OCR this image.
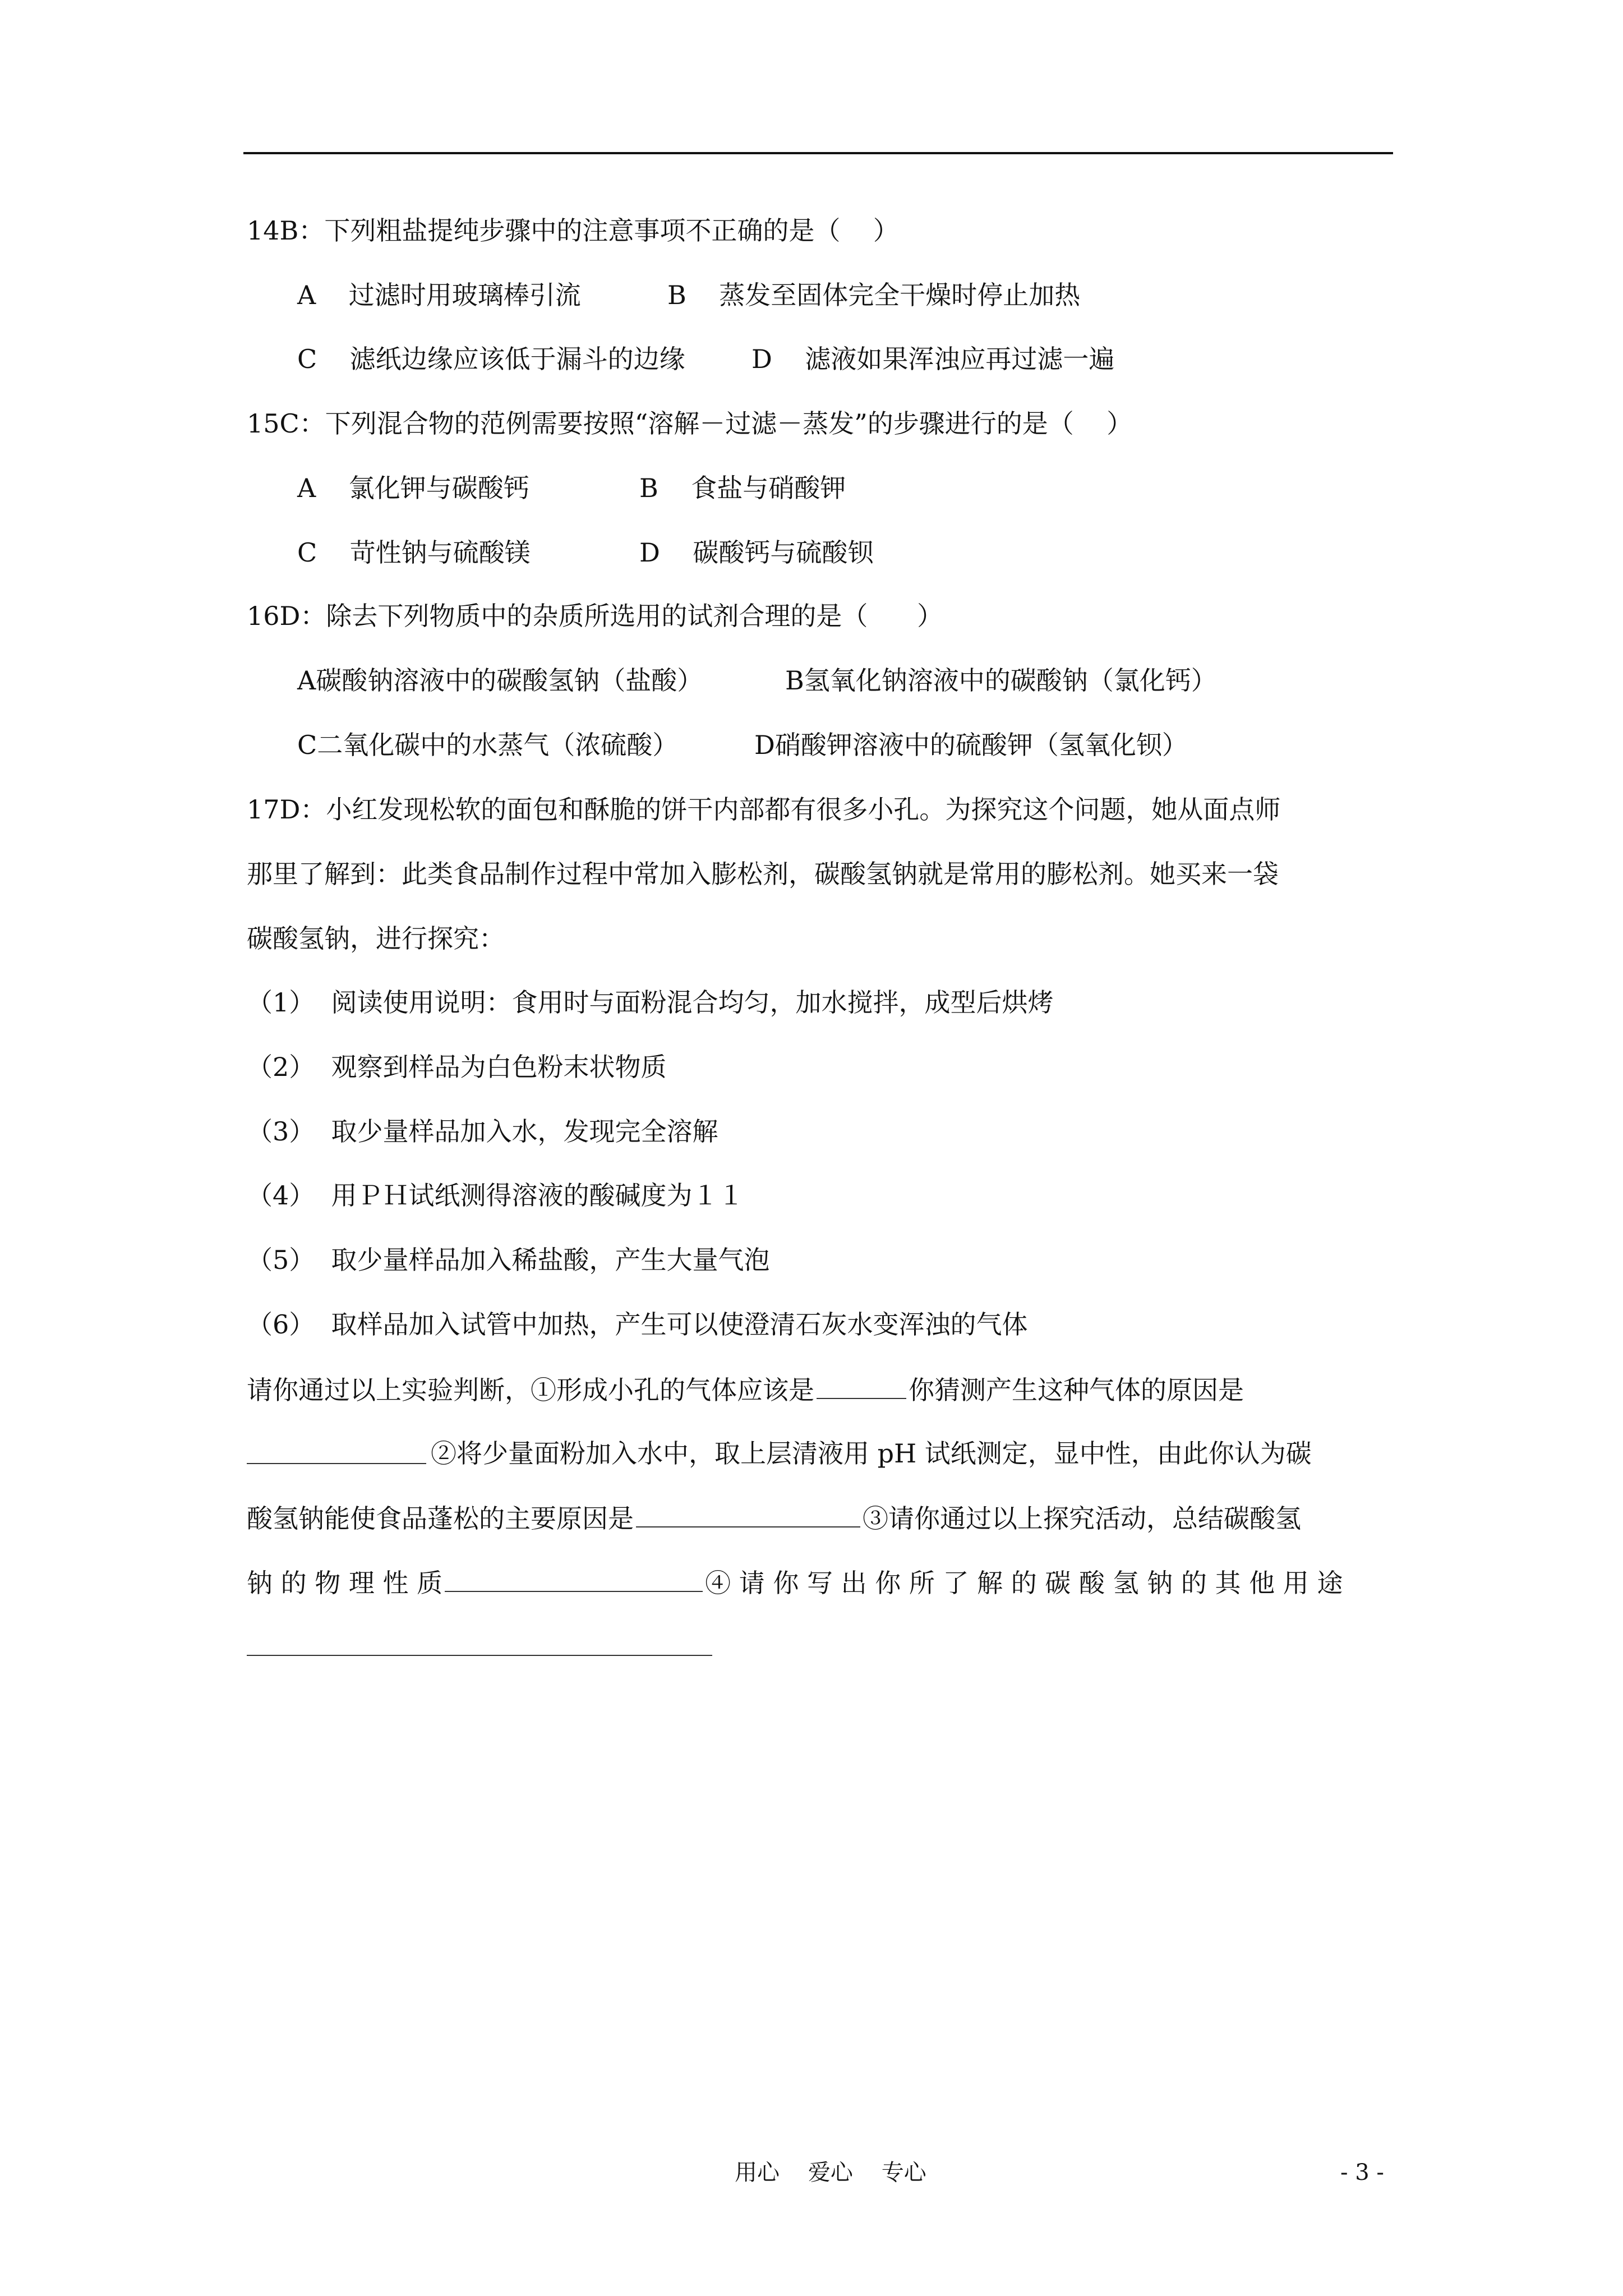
14B：下列粗盐提纯步骤中的注意事项不正确的是（    ）
A    过滤时用玻璃棒引流	B    蒸发至固体完全干燥时停止加热
C    滤纸边缘应该低于漏斗的边缘	D    滤液如果浑浊应再过滤一遍
15C：下列混合物的范例需要按照“溶解－过滤－蒸发”的步骤进行的是（    ）
A    氯化钾与碳酸钙	B    食盐与硝酸钾
C    苛性钠与硫酸镁	D    碳酸钙与硫酸钡
16D：除去下列物质中的杂质所选用的试剂合理的是（      ）
A碳酸钠溶液中的碳酸氢钠（盐酸）	B氢氧化钠溶液中的碳酸钠（氯化钙）
C二氧化碳中的水蒸气（浓硫酸）	D硝酸钾溶液中的硫酸钾（氢氧化钡）
17D：小红发现松软的面包和酥脆的饼干内部都有很多小孔。为探究这个问题，她从面点师
那里了解到：此类食品制作过程中常加入膨松剂，碳酸氢钠就是常用的膨松剂。她买来一袋
碳酸氢钠，进行探究：
（1）  阅读使用说明：食用时与面粉混合均匀，加水搅拌，成型后烘烤
（2）  观察到样品为白色粉末状物质
（3）  取少量样品加入水，发现完全溶解
（4）  用ＰＨ试纸测得溶液的酸碱度为１１
（5）  取少量样品加入稀盐酸，产生大量气泡
（6）  取样品加入试管中加热，产生可以使澄清石灰水变浑浊的气体
请你通过以上实验判断，①形成小孔的气体应该是	你猜测产生这种气体的原因是
②将少量面粉加入水中，取上层清液用 pH 试纸测定，显中性，由此你认为碳
酸氢钠能使食品蓬松的主要原因是	③请你通过以上探究活动，总结碳酸氢
钠 的 物 理 性 质	④ 请 你 写 出 你 所 了 解 的 碳 酸 氢 钠 的 其 他 用 途
用心    爱心    专心	- 3 -
